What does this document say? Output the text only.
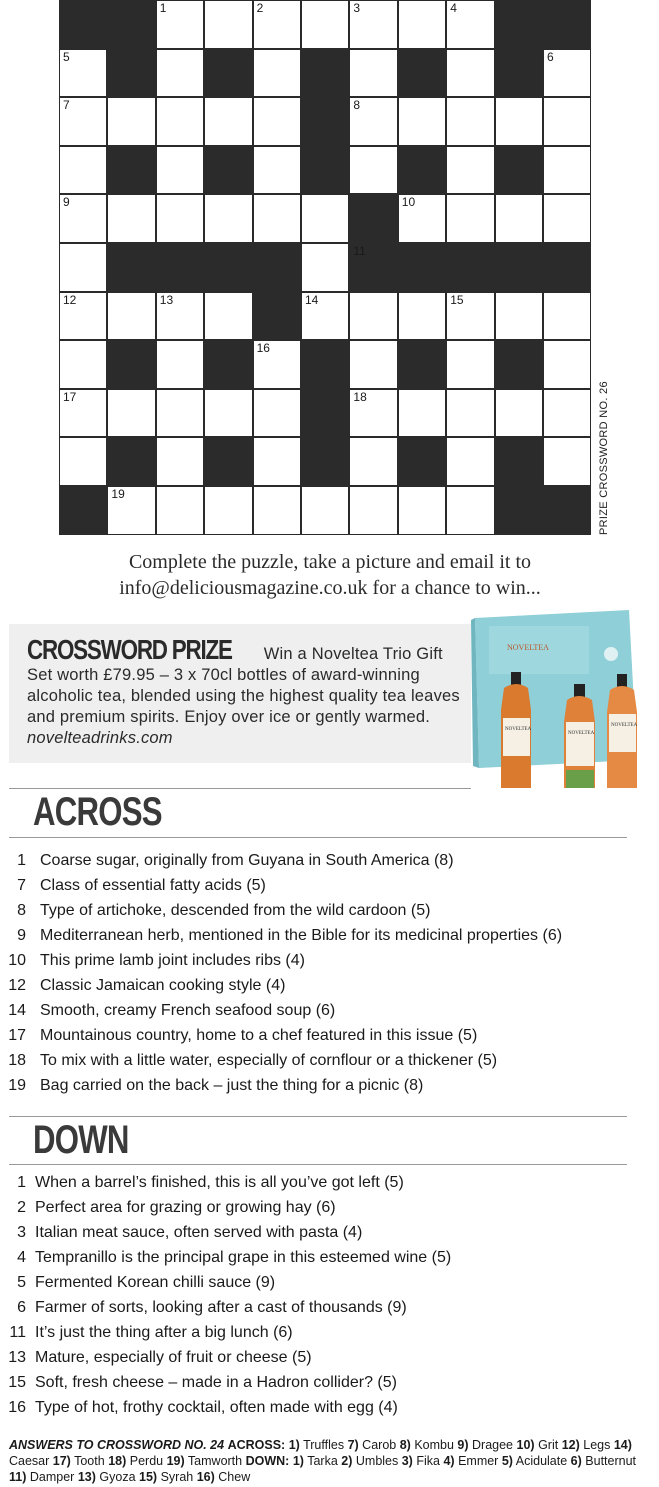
1	2	3	4
5	6
7	8
9	10
11
12	13	14	15
16
17	18
19	PRIZE CROSSWORD NO. 26
Complete the puzzle, take a picture and email it to
info@deliciousmagazine.co.uk for a chance to win...
CROSSWORD PRIZE Win a Noveltea Trio Gift Set worth £79.95 – 3 x 70cl bottles of award-winning alcoholic tea, blended using the highest quality tea leaves and premium spirits. Enjoy over ice or gently warmed. novelteadrinks.com
NOVELTEA
NOVELTEA
NOVELTEA
NOVELTEA
ACROSS
1 Coarse sugar, originally from Guyana in South America (8)
7 Class of essential fatty acids (5)
8 Type of artichoke, descended from the wild cardoon (5)
9 Mediterranean herb, mentioned in the Bible for its medicinal properties (6)
10 This prime lamb joint includes ribs (4)
12 Classic Jamaican cooking style (4)
14 Smooth, creamy French seafood soup (6)
17 Mountainous country, home to a chef featured in this issue (5)
18 To mix with a little water, especially of cornflour or a thickener (5)
19 Bag carried on the back – just the thing for a picnic (8)
DOWN
1 When a barrel’s finished, this is all you’ve got left (5)
2 Perfect area for grazing or growing hay (6)
3 Italian meat sauce, often served with pasta (4)
4 Tempranillo is the principal grape in this esteemed wine (5)
5 Fermented Korean chilli sauce (9)
6 Farmer of sorts, looking after a cast of thousands (9)
11 It’s just the thing after a big lunch (6)
13 Mature, especially of fruit or cheese (5)
15 Soft, fresh cheese – made in a Hadron collider? (5)
16 Type of hot, frothy cocktail, often made with egg (4)
ANSWERS TO CROSSWORD NO. 24 ACROSS: 1) Truffles 7) Carob 8) Kombu 9) Dragee 10) Grit 12) Legs 14) Caesar 17) Tooth 18) Perdu 19) Tamworth DOWN: 1) Tarka 2) Umbles 3) Fika 4) Emmer 5) Acidulate 6) Butternut 11) Damper 13) Gyoza 15) Syrah 16) Chew
